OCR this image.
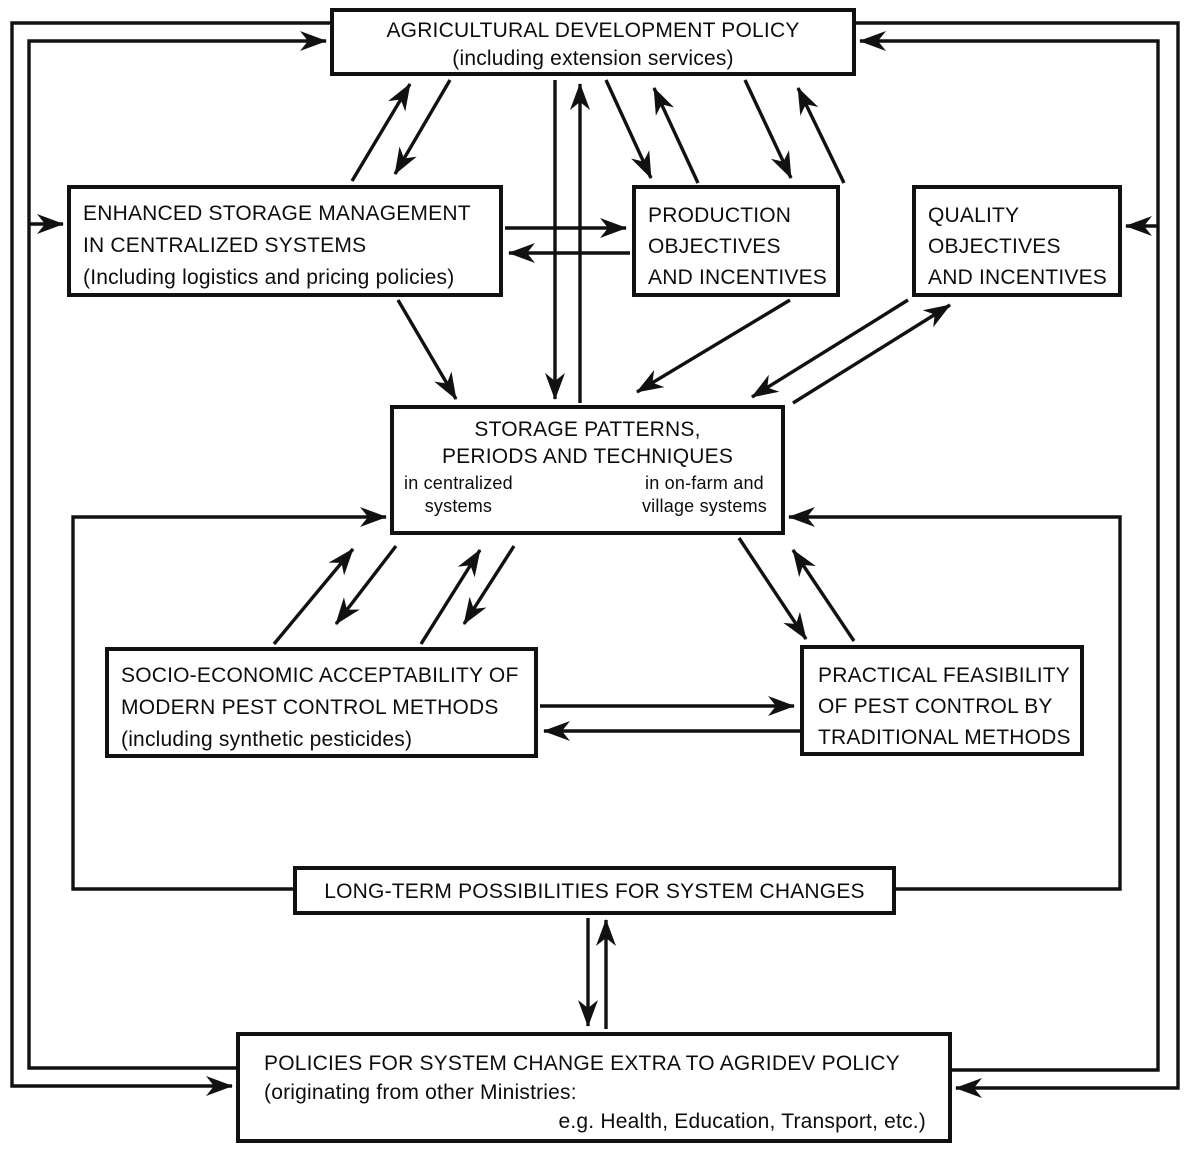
AGRICULTURAL DEVELOPMENT POLICY
(including extension services)
ENHANCED STORAGE MANAGEMENT
IN CENTRALIZED SYSTEMS
(Including logistics and pricing policies)
PRODUCTION
OBJECTIVES
AND INCENTIVES
QUALITY
OBJECTIVES
AND INCENTIVES
STORAGE PATTERNS,
PERIODS AND TECHNIQUES
in centralized
systems
in on-farm and
village systems
SOCIO-ECONOMIC ACCEPTABILITY OF
MODERN PEST CONTROL METHODS
(including synthetic pesticides)
PRACTICAL FEASIBILITY
OF PEST CONTROL BY
TRADITIONAL METHODS
LONG-TERM POSSIBILITIES FOR SYSTEM CHANGES
POLICIES FOR SYSTEM CHANGE EXTRA TO AGRIDEV POLICY
(originating from other Ministries:
e.g. Health, Education, Transport, etc.)
